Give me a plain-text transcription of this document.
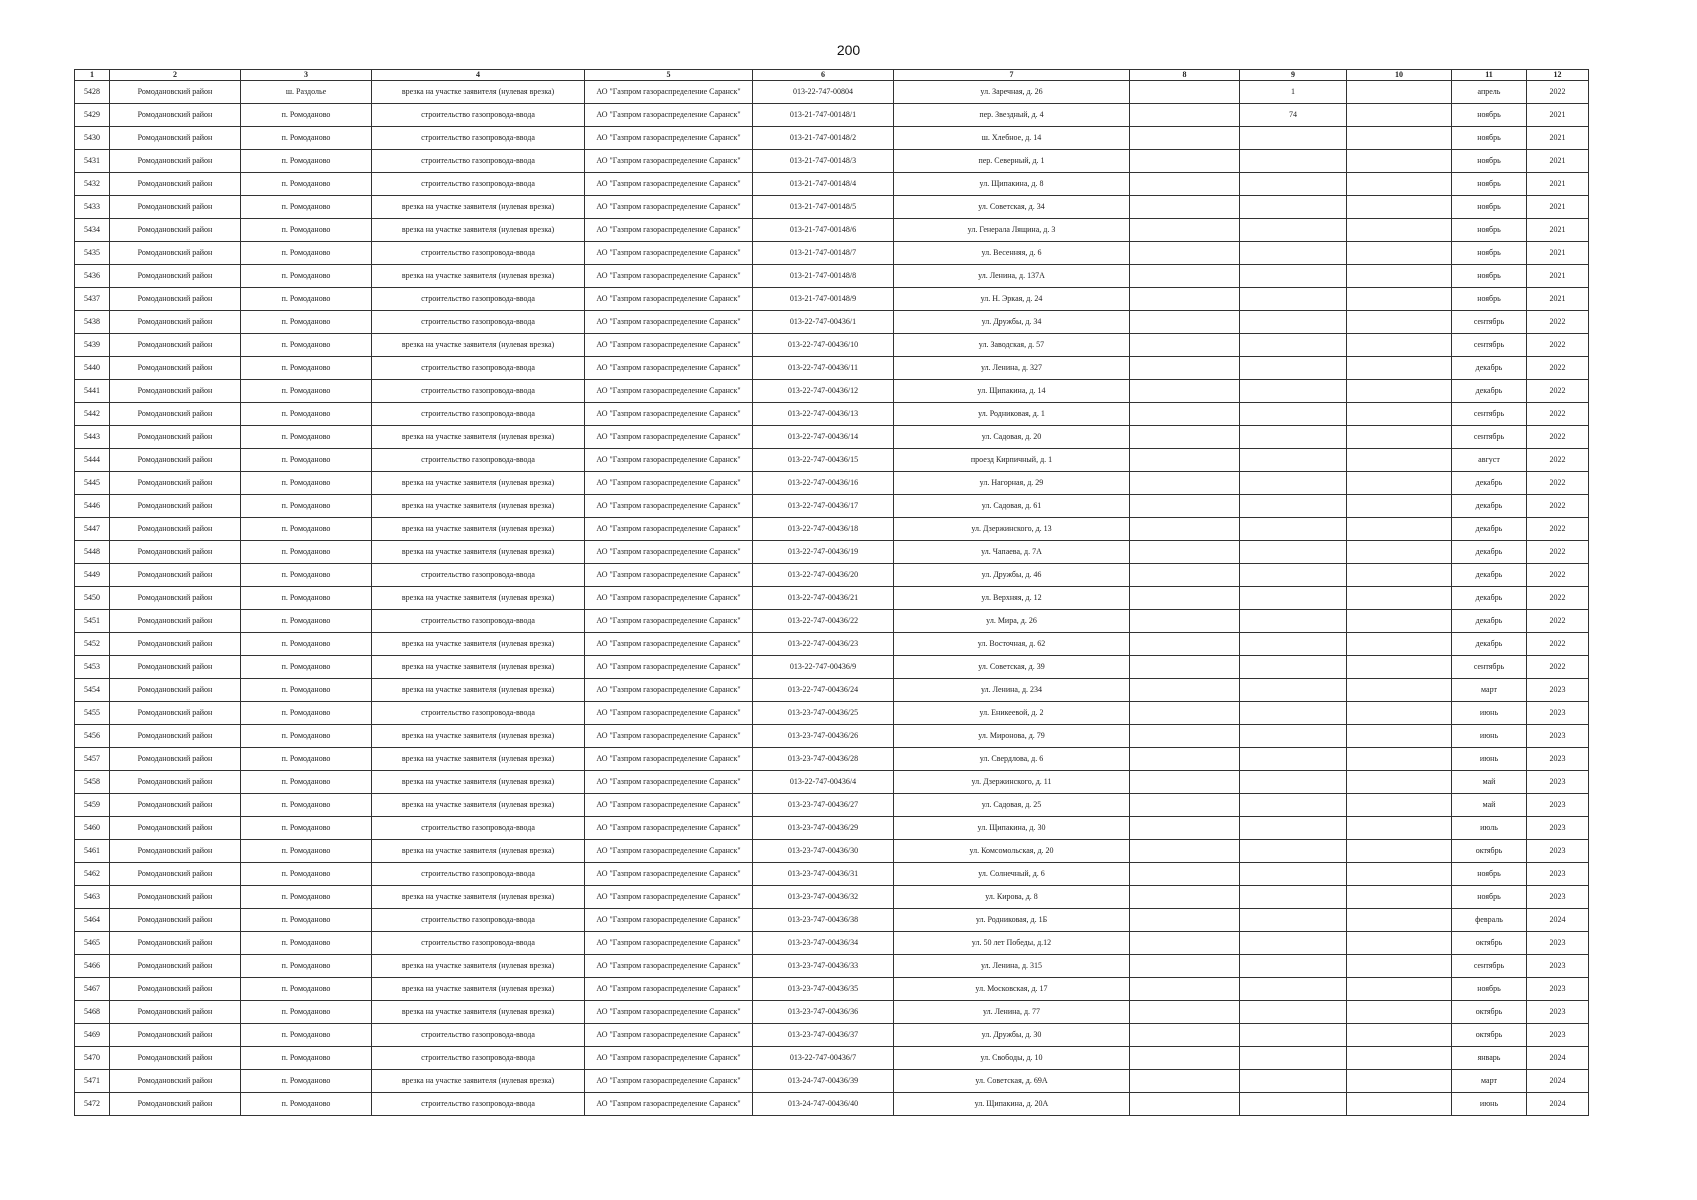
200
1	2	3	4	5	6	7	8	9	10	11	12
5428	Ромодановский район	ш. Раздолье	врезка на участке заявителя (нулевая врезка)	АО "Газпром газораспределение Саранск"	013-22-747-00804	ул. Заречная, д. 26		1		апрель	2022
5429	Ромодановский район	п. Ромоданово	строительство газопровода-ввода	АО "Газпром газораспределение Саранск"	013-21-747-00148/1	пер. Звездный, д. 4		74		ноябрь	2021
5430	Ромодановский район	п. Ромоданово	строительство газопровода-ввода	АО "Газпром газораспределение Саранск"	013-21-747-00148/2	ш. Хлебное, д. 14				ноябрь	2021
5431	Ромодановский район	п. Ромоданово	строительство газопровода-ввода	АО "Газпром газораспределение Саранск"	013-21-747-00148/3	пер. Северный, д. 1				ноябрь	2021
5432	Ромодановский район	п. Ромоданово	строительство газопровода-ввода	АО "Газпром газораспределение Саранск"	013-21-747-00148/4	ул. Щипакина, д. 8				ноябрь	2021
5433	Ромодановский район	п. Ромоданово	врезка на участке заявителя (нулевая врезка)	АО "Газпром газораспределение Саранск"	013-21-747-00148/5	ул. Советская, д. 34				ноябрь	2021
5434	Ромодановский район	п. Ромоданово	врезка на участке заявителя (нулевая врезка)	АО "Газпром газораспределение Саранск"	013-21-747-00148/6	ул. Генерала Лящина, д. 3				ноябрь	2021
5435	Ромодановский район	п. Ромоданово	строительство газопровода-ввода	АО "Газпром газораспределение Саранск"	013-21-747-00148/7	ул. Весенняя, д. 6				ноябрь	2021
5436	Ромодановский район	п. Ромоданово	врезка на участке заявителя (нулевая врезка)	АО "Газпром газораспределение Саранск"	013-21-747-00148/8	ул. Ленина, д. 137А				ноябрь	2021
5437	Ромодановский район	п. Ромоданово	строительство газопровода-ввода	АО "Газпром газораспределение Саранск"	013-21-747-00148/9	ул. Н. Эркая, д. 24				ноябрь	2021
5438	Ромодановский район	п. Ромоданово	строительство газопровода-ввода	АО "Газпром газораспределение Саранск"	013-22-747-00436/1	ул. Дружбы, д. 34				сентябрь	2022
5439	Ромодановский район	п. Ромоданово	врезка на участке заявителя (нулевая врезка)	АО "Газпром газораспределение Саранск"	013-22-747-00436/10	ул. Заводская, д. 57				сентябрь	2022
5440	Ромодановский район	п. Ромоданово	строительство газопровода-ввода	АО "Газпром газораспределение Саранск"	013-22-747-00436/11	ул. Ленина, д. 327				декабрь	2022
5441	Ромодановский район	п. Ромоданово	строительство газопровода-ввода	АО "Газпром газораспределение Саранск"	013-22-747-00436/12	ул. Щипакина, д. 14				декабрь	2022
5442	Ромодановский район	п. Ромоданово	строительство газопровода-ввода	АО "Газпром газораспределение Саранск"	013-22-747-00436/13	ул. Родниковая, д. 1				сентябрь	2022
5443	Ромодановский район	п. Ромоданово	врезка на участке заявителя (нулевая врезка)	АО "Газпром газораспределение Саранск"	013-22-747-00436/14	ул. Садовая, д. 20				сентябрь	2022
5444	Ромодановский район	п. Ромоданово	строительство газопровода-ввода	АО "Газпром газораспределение Саранск"	013-22-747-00436/15	проезд Кирпичный, д. 1				август	2022
5445	Ромодановский район	п. Ромоданово	врезка на участке заявителя (нулевая врезка)	АО "Газпром газораспределение Саранск"	013-22-747-00436/16	ул. Нагорная, д. 29				декабрь	2022
5446	Ромодановский район	п. Ромоданово	врезка на участке заявителя (нулевая врезка)	АО "Газпром газораспределение Саранск"	013-22-747-00436/17	ул. Садовая, д. 61				декабрь	2022
5447	Ромодановский район	п. Ромоданово	врезка на участке заявителя (нулевая врезка)	АО "Газпром газораспределение Саранск"	013-22-747-00436/18	ул. Дзержинского, д. 13				декабрь	2022
5448	Ромодановский район	п. Ромоданово	врезка на участке заявителя (нулевая врезка)	АО "Газпром газораспределение Саранск"	013-22-747-00436/19	ул. Чапаева, д. 7А				декабрь	2022
5449	Ромодановский район	п. Ромоданово	строительство газопровода-ввода	АО "Газпром газораспределение Саранск"	013-22-747-00436/20	ул. Дружбы, д. 46				декабрь	2022
5450	Ромодановский район	п. Ромоданово	врезка на участке заявителя (нулевая врезка)	АО "Газпром газораспределение Саранск"	013-22-747-00436/21	ул. Верхняя, д. 12				декабрь	2022
5451	Ромодановский район	п. Ромоданово	строительство газопровода-ввода	АО "Газпром газораспределение Саранск"	013-22-747-00436/22	ул. Мира, д. 26				декабрь	2022
5452	Ромодановский район	п. Ромоданово	врезка на участке заявителя (нулевая врезка)	АО "Газпром газораспределение Саранск"	013-22-747-00436/23	ул. Восточная, д. 62				декабрь	2022
5453	Ромодановский район	п. Ромоданово	врезка на участке заявителя (нулевая врезка)	АО "Газпром газораспределение Саранск"	013-22-747-00436/9	ул. Советская, д. 39				сентябрь	2022
5454	Ромодановский район	п. Ромоданово	врезка на участке заявителя (нулевая врезка)	АО "Газпром газораспределение Саранск"	013-22-747-00436/24	ул. Ленина, д. 234				март	2023
5455	Ромодановский район	п. Ромоданово	строительство газопровода-ввода	АО "Газпром газораспределение Саранск"	013-23-747-00436/25	ул. Еникеевой, д. 2				июнь	2023
5456	Ромодановский район	п. Ромоданово	врезка на участке заявителя (нулевая врезка)	АО "Газпром газораспределение Саранск"	013-23-747-00436/26	ул. Миронова, д. 79				июнь	2023
5457	Ромодановский район	п. Ромоданово	врезка на участке заявителя (нулевая врезка)	АО "Газпром газораспределение Саранск"	013-23-747-00436/28	ул. Свердлова, д. 6				июнь	2023
5458	Ромодановский район	п. Ромоданово	врезка на участке заявителя (нулевая врезка)	АО "Газпром газораспределение Саранск"	013-22-747-00436/4	ул. Дзержинского, д. 11				май	2023
5459	Ромодановский район	п. Ромоданово	врезка на участке заявителя (нулевая врезка)	АО "Газпром газораспределение Саранск"	013-23-747-00436/27	ул. Садовая, д. 25				май	2023
5460	Ромодановский район	п. Ромоданово	строительство газопровода-ввода	АО "Газпром газораспределение Саранск"	013-23-747-00436/29	ул. Щипакина, д. 30				июль	2023
5461	Ромодановский район	п. Ромоданово	врезка на участке заявителя (нулевая врезка)	АО "Газпром газораспределение Саранск"	013-23-747-00436/30	ул. Комсомольская, д. 20				октябрь	2023
5462	Ромодановский район	п. Ромоданово	строительство газопровода-ввода	АО "Газпром газораспределение Саранск"	013-23-747-00436/31	ул. Солнечный, д. 6				ноябрь	2023
5463	Ромодановский район	п. Ромоданово	врезка на участке заявителя (нулевая врезка)	АО "Газпром газораспределение Саранск"	013-23-747-00436/32	ул. Кирова, д. 8				ноябрь	2023
5464	Ромодановский район	п. Ромоданово	строительство газопровода-ввода	АО "Газпром газораспределение Саранск"	013-23-747-00436/38	ул. Родниковая, д. 1Б				февраль	2024
5465	Ромодановский район	п. Ромоданово	строительство газопровода-ввода	АО "Газпром газораспределение Саранск"	013-23-747-00436/34	ул. 50 лет Победы, д.12				октябрь	2023
5466	Ромодановский район	п. Ромоданово	врезка на участке заявителя (нулевая врезка)	АО "Газпром газораспределение Саранск"	013-23-747-00436/33	ул. Ленина, д. 315				сентябрь	2023
5467	Ромодановский район	п. Ромоданово	врезка на участке заявителя (нулевая врезка)	АО "Газпром газораспределение Саранск"	013-23-747-00436/35	ул. Московская, д. 17				ноябрь	2023
5468	Ромодановский район	п. Ромоданово	врезка на участке заявителя (нулевая врезка)	АО "Газпром газораспределение Саранск"	013-23-747-00436/36	ул. Ленина, д. 77				октябрь	2023
5469	Ромодановский район	п. Ромоданово	строительство газопровода-ввода	АО "Газпром газораспределение Саранск"	013-23-747-00436/37	ул. Дружбы, д. 30				октябрь	2023
5470	Ромодановский район	п. Ромоданово	строительство газопровода-ввода	АО "Газпром газораспределение Саранск"	013-22-747-00436/7	ул. Свободы, д. 10				январь	2024
5471	Ромодановский район	п. Ромоданово	врезка на участке заявителя (нулевая врезка)	АО "Газпром газораспределение Саранск"	013-24-747-00436/39	ул. Советская, д. 69А				март	2024
5472	Ромодановский район	п. Ромоданово	строительство газопровода-ввода	АО "Газпром газораспределение Саранск"	013-24-747-00436/40	ул. Щипакина, д. 20А				июнь	2024
